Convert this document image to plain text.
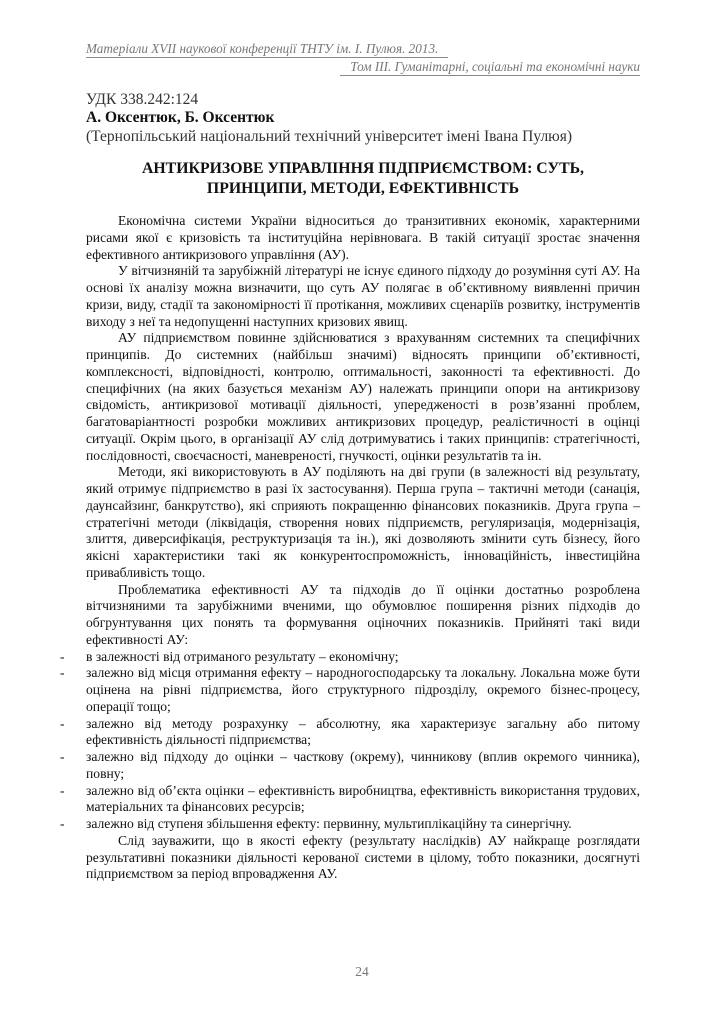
Матеріали XVІI наукової конференції ТНТУ ім. І. Пулюя. 2013.
Том ІІІ. Гуманітарні, соціальні та економічні науки
УДК 338.242:124
А. Оксентюк, Б. Оксентюк
(Тернопільський національний технічний університет імені Івана Пулюя)
АНТИКРИЗОВЕ УПРАВЛІННЯ ПІДПРИЄМСТВОМ: СУТЬ,
ПРИНЦИПИ, МЕТОДИ, ЕФЕКТИВНІСТЬ

Економічна системи України відноситься до транзитивних економік, характерними рисами якої є кризовість та інституційна нерівновага. В такій ситуації зростає значення ефективного антикризового управління (АУ).

У вітчизняній та зарубіжній літературі не існує єдиного підходу до розуміння суті АУ. На основі їх аналізу можна визначити, що суть АУ полягає в об’єктивному виявленні причин кризи, виду, стадії та закономірності її протікання, можливих сценаріїв розвитку, інструментів виходу з неї та недопущенні наступних кризових явищ.

АУ підприємством повинне здійснюватися з врахуванням системних та специфічних принципів. До системних (найбільш значимі) відносять принципи об’єктивності, комплексності, відповідності, контролю, оптимальності, законності та ефективності. До специфічних (на яких базується механізм АУ) належать принципи опори на антикризову свідомість, антикризової мотивації діяльності, упередженості в розв’язанні проблем, багатоваріантності розробки можливих антикризових процедур, реалістичності в оцінці ситуації. Окрім цього, в організації АУ слід дотримуватись і таких принципів: стратегічності, послідовності, своєчасності, маневреності, гнучкості, оцінки результатів та ін.

Методи, які використовують в АУ поділяють на дві групи (в залежності від результату, який отримує підприємство в разі їх застосування). Перша група – тактичні методи (санація, даунсайзинг, банкрутство), які сприяють покращенню фінансових показників. Друга група – стратегічні методи (ліквідація, створення нових підприємств, регуляризація, модернізація, злиття, диверсифікація, реструктуризація та ін.), які дозволяють змінити суть бізнесу, його якісні характеристики такі як конкурентоспроможність, інноваційність, інвестиційна привабливість тощо.

Проблематика ефективності АУ та підходів до її оцінки достатньо розроблена вітчизняними та зарубіжними вченими, що обумовлює поширення різних підходів до обгрунтування цих понять та формування оціночних показників. Прийняті такі види ефективності АУ:

- в залежності від отриманого результату – економічну;
- залежно від місця отримання ефекту – народногосподарську та локальну. Локальна може бути оцінена на рівні підприємства, його структурного підрозділу, окремого бізнес-процесу, операції тощо;
- залежно від методу розрахунку – абсолютну, яка характеризує загальну або питому ефективність діяльності підприємства;
- залежно від підходу до оцінки – часткову (окрему), чинникову (вплив окремого чинника), повну;
- залежно від об’єкта оцінки – ефективність виробництва, ефективність використання трудових, матеріальних та фінансових ресурсів;
- залежно від ступеня збільшення ефекту: первинну, мультиплікаційну та синергічну.

Слід зауважити, що в якості ефекту (результату наслідків) АУ найкраще розглядати результативні показники діяльності керованої системи в цілому, тобто показники, досягнуті підприємством за період впровадження АУ.

24
